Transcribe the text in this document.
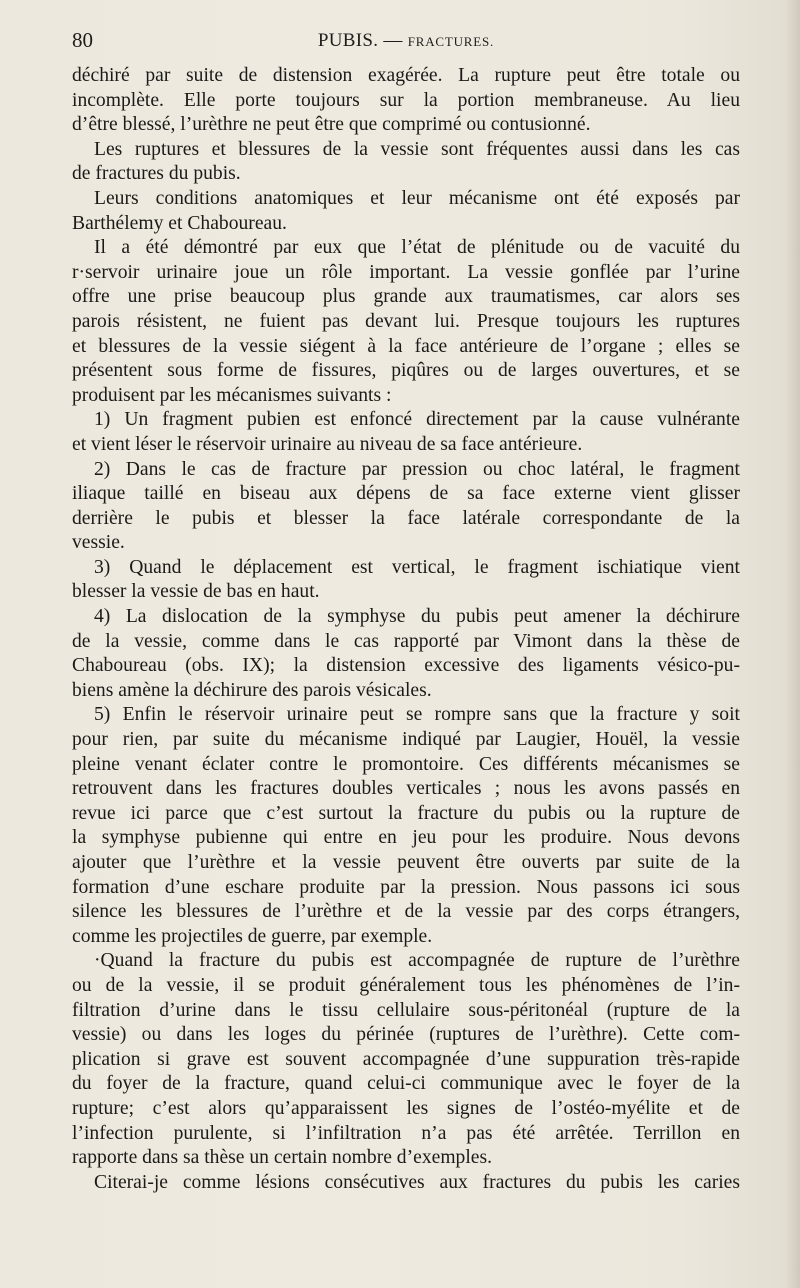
80	PUBIS. — FRACTURES.
déchiré par suite de distension exagérée. La rupture peut être totale ou
incomplète. Elle porte toujours sur la portion membraneuse. Au lieu
d’être blessé, l’urèthre ne peut être que comprimé ou contusionné.
Les ruptures et blessures de la vessie sont fréquentes aussi dans les cas
de fractures du pubis.
Leurs conditions anatomiques et leur mécanisme ont été exposés par
Barthélemy et Chaboureau.
Il a été démontré par eux que l’état de plénitude ou de vacuité du
r·servoir urinaire joue un rôle important. La vessie gonflée par l’urine
offre une prise beaucoup plus grande aux traumatismes, car alors ses
parois résistent, ne fuient pas devant lui. Presque toujours les ruptures
et blessures de la vessie siégent à la face antérieure de l’organe ; elles se
présentent sous forme de fissures, piqûres ou de larges ouvertures, et se
produisent par les mécanismes suivants :
1) Un fragment pubien est enfoncé directement par la cause vulnérante
et vient léser le réservoir urinaire au niveau de sa face antérieure.
2) Dans le cas de fracture par pression ou choc latéral, le fragment
iliaque taillé en biseau aux dépens de sa face externe vient glisser
derrière le pubis et blesser la face latérale correspondante de la
vessie.
3) Quand le déplacement est vertical, le fragment ischiatique vient
blesser la vessie de bas en haut.
4) La dislocation de la symphyse du pubis peut amener la déchirure
de la vessie, comme dans le cas rapporté par Vimont dans la thèse de
Chaboureau (obs. IX); la distension excessive des ligaments vésico-pu-
biens amène la déchirure des parois vésicales.
5) Enfin le réservoir urinaire peut se rompre sans que la fracture y soit
pour rien, par suite du mécanisme indiqué par Laugier, Houël, la vessie
pleine venant éclater contre le promontoire. Ces différents mécanismes se
retrouvent dans les fractures doubles verticales ; nous les avons passés en
revue ici parce que c’est surtout la fracture du pubis ou la rupture de
la symphyse pubienne qui entre en jeu pour les produire. Nous devons
ajouter que l’urèthre et la vessie peuvent être ouverts par suite de la
formation d’une eschare produite par la pression. Nous passons ici sous
silence les blessures de l’urèthre et de la vessie par des corps étrangers,
comme les projectiles de guerre, par exemple.
·Quand la fracture du pubis est accompagnée de rupture de l’urèthre
ou de la vessie, il se produit généralement tous les phénomènes de l’in-
filtration d’urine dans le tissu cellulaire sous-péritonéal (rupture de la
vessie) ou dans les loges du périnée (ruptures de l’urèthre). Cette com-
plication si grave est souvent accompagnée d’une suppuration très-rapide
du foyer de la fracture, quand celui-ci communique avec le foyer de la
rupture; c’est alors qu’apparaissent les signes de l’ostéo-myélite et de
l’infection purulente, si l’infiltration n’a pas été arrêtée. Terrillon en
rapporte dans sa thèse un certain nombre d’exemples.
Citerai-je comme lésions consécutives aux fractures du pubis les caries
